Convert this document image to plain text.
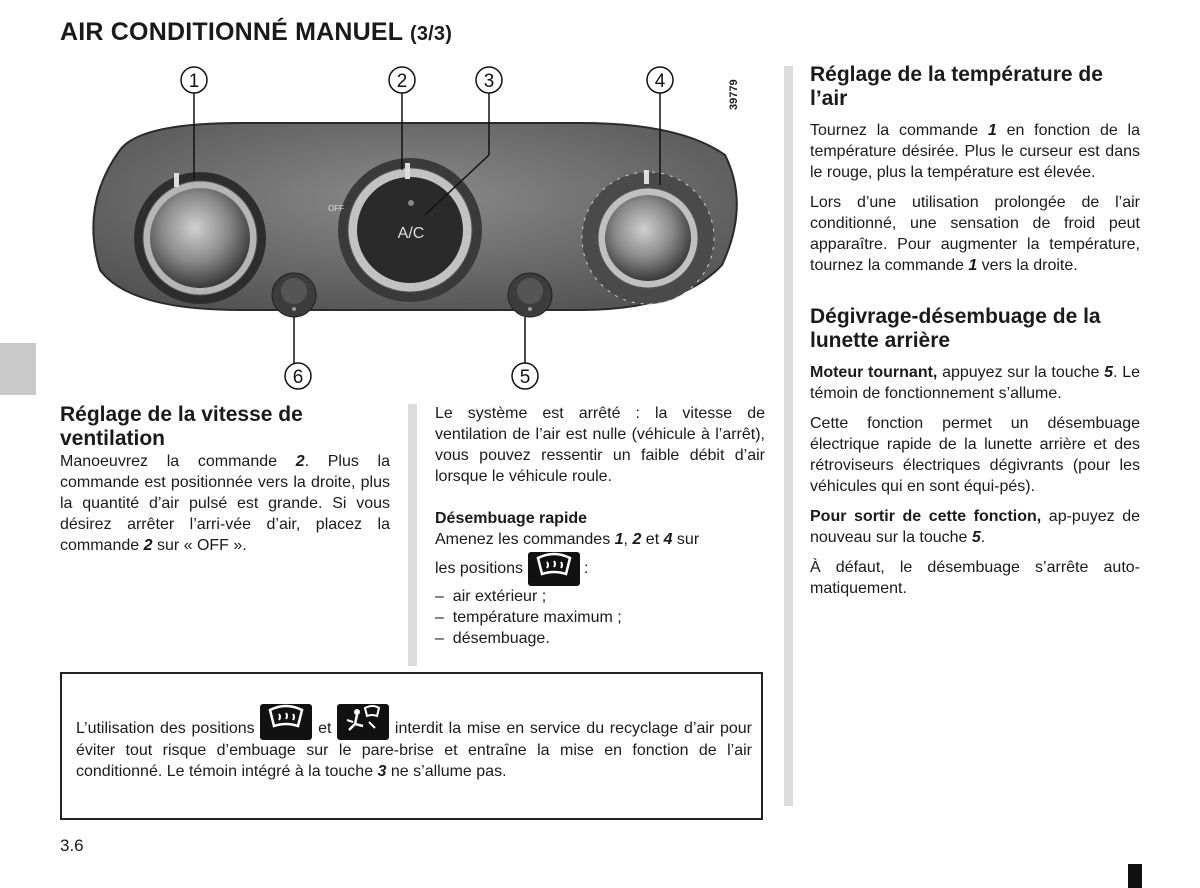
AIR CONDITIONNÉ MANUEL (3/3)
A/C
OFF
1	2	3	4
5
6
39779
Réglage de la vitesse de ventilation

Manoeuvrez la commande 2. Plus la commande est positionnée vers la droite, plus la quantité d’air pulsé est grande. Si vous désirez arrêter l’arri-vée d’air, placez la commande 2 sur « OFF ».

Le système est arrêté : la vitesse de ventilation de l’air est nulle (véhicule à l’arrêt), vous pouvez ressentir un faible débit d’air lorsque le véhicule roule.

Désembuage rapide

Amenez les commandes 1, 2 et 4 sur

les positions	:
–  air extérieur ;
–  température maximum ;
–  désembuage.
Réglage de la température de l’air

Tournez la commande 1 en fonction de la température désirée. Plus le curseur est dans le rouge, plus la température est élevée.

Lors d’une utilisation prolongée de l’air conditionné, une sensation de froid peut apparaître. Pour augmenter la température, tournez la commande 1 vers la droite.

Dégivrage-désembuage de la lunette arrière

Moteur tournant, appuyez sur la touche 5. Le témoin de fonctionnement s’allume.

Cette fonction permet un désembuage électrique rapide de la lunette arrière et des rétroviseurs électriques dégivrants (pour les véhicules qui en sont équi-pés).

Pour sortir de cette fonction, ap-puyez de nouveau sur la touche 5.

À défaut, le désembuage s’arrête auto-matiquement.

L’utilisation des positions	et	interdit la mise en service du recyclage d’air pour éviter tout risque d’embuage sur le pare-brise et entraîne la mise en fonction de l’air conditionné. Le témoin intégré à la touche 3 ne s’allume pas.
3.6
